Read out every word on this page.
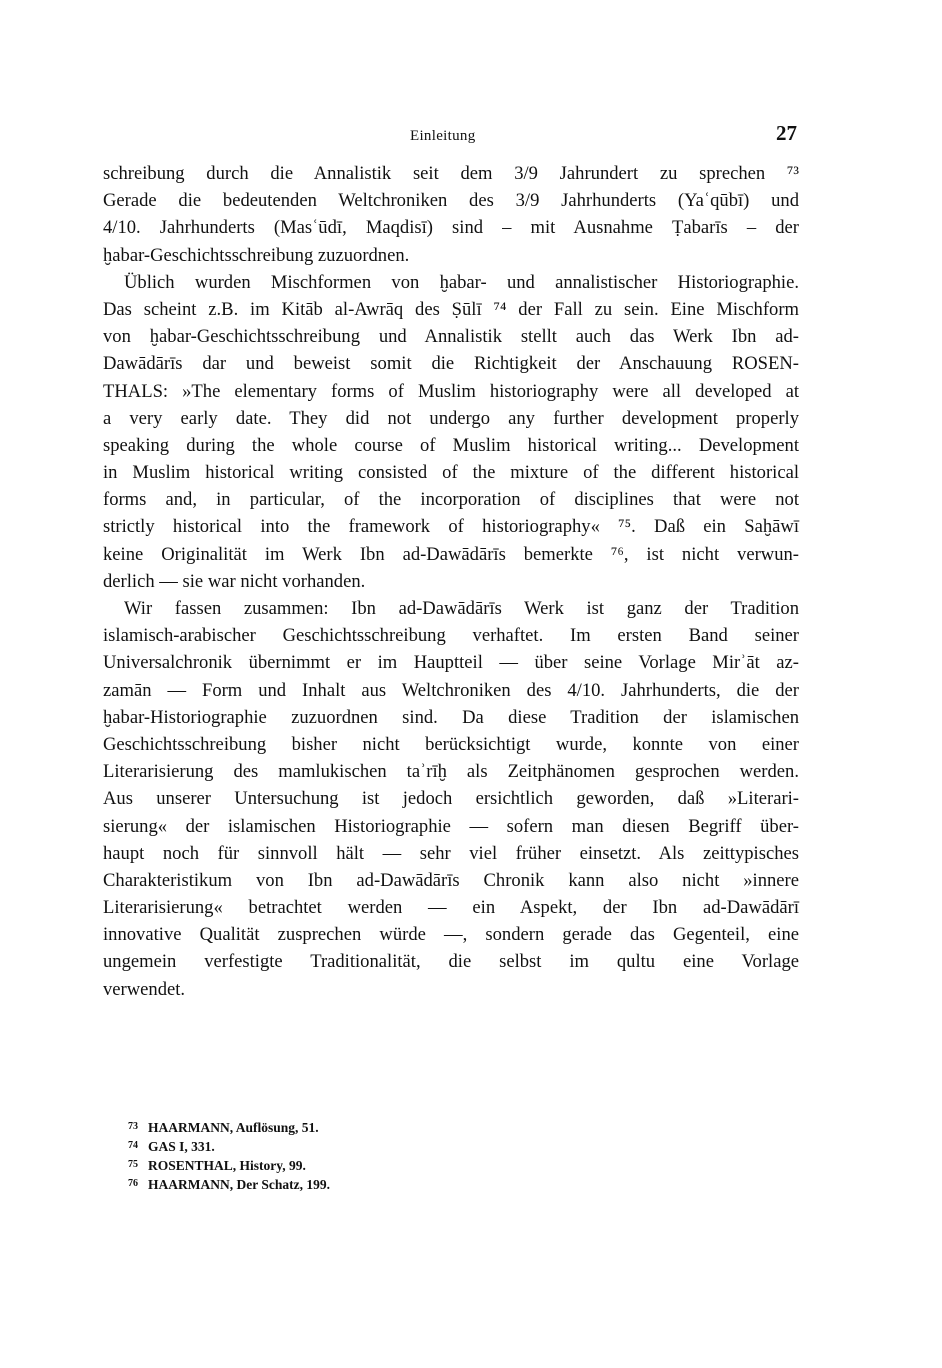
Einleitung	27
schreibung durch die Annalistik seit dem 3/9 Jahrundert zu sprechen ⁷³
Gerade die bedeutenden Weltchroniken des 3/9 Jahrhunderts (Yaʿqūbī) und
4/10. Jahrhunderts (Masʿūdī, Maqdisī) sind – mit Ausnahme Ṭabarīs – der
ḫabar-Geschichtsschreibung zuzuordnen.
Üblich wurden Mischformen von ḫabar- und annalistischer Historiographie.
Das scheint z.B. im Kitāb al-Awrāq des Ṣūlī ⁷⁴ der Fall zu sein. Eine Mischform
von ḫabar-Geschichtsschreibung und Annalistik stellt auch das Werk Ibn ad-
Dawādārīs dar und beweist somit die Richtigkeit der Anschauung ROSEN-
THALS: »The elementary forms of Muslim historiography were all developed at
a very early date. They did not undergo any further development properly
speaking during the whole course of Muslim historical writing... Development
in Muslim historical writing consisted of the mixture of the different historical
forms and, in particular, of the incorporation of disciplines that were not
strictly historical into the framework of historiography« ⁷⁵. Daß ein Saḫāwī
keine Originalität im Werk Ibn ad-Dawādārīs bemerkte ⁷⁶, ist nicht verwun-
derlich — sie war nicht vorhanden.
Wir fassen zusammen: Ibn ad-Dawādārīs Werk ist ganz der Tradition
islamisch-arabischer Geschichtsschreibung verhaftet. Im ersten Band seiner
Universalchronik übernimmt er im Hauptteil — über seine Vorlage Mirʾāt az-
zamān — Form und Inhalt aus Weltchroniken des 4/10. Jahrhunderts, die der
ḫabar-Historiographie zuzuordnen sind. Da diese Tradition der islamischen
Geschichtsschreibung bisher nicht berücksichtigt wurde, konnte von einer
Literarisierung des mamlukischen taʾrīḫ als Zeitphänomen gesprochen werden.
Aus unserer Untersuchung ist jedoch ersichtlich geworden, daß »Literari-
sierung« der islamischen Historiographie — sofern man diesen Begriff über-
haupt noch für sinnvoll hält — sehr viel früher einsetzt. Als zeittypisches
Charakteristikum von Ibn ad-Dawādārīs Chronik kann also nicht »innere
Literarisierung« betrachtet werden — ein Aspekt, der Ibn ad-Dawādārī
innovative Qualität zusprechen würde —, sondern gerade das Gegenteil, eine
ungemein verfestigte Traditionalität, die selbst im qultu eine Vorlage
verwendet.
73 HAARMANN, Auflösung, 51.
74 GAS I, 331.
75 ROSENTHAL, History, 99.
76 HAARMANN, Der Schatz, 199.
